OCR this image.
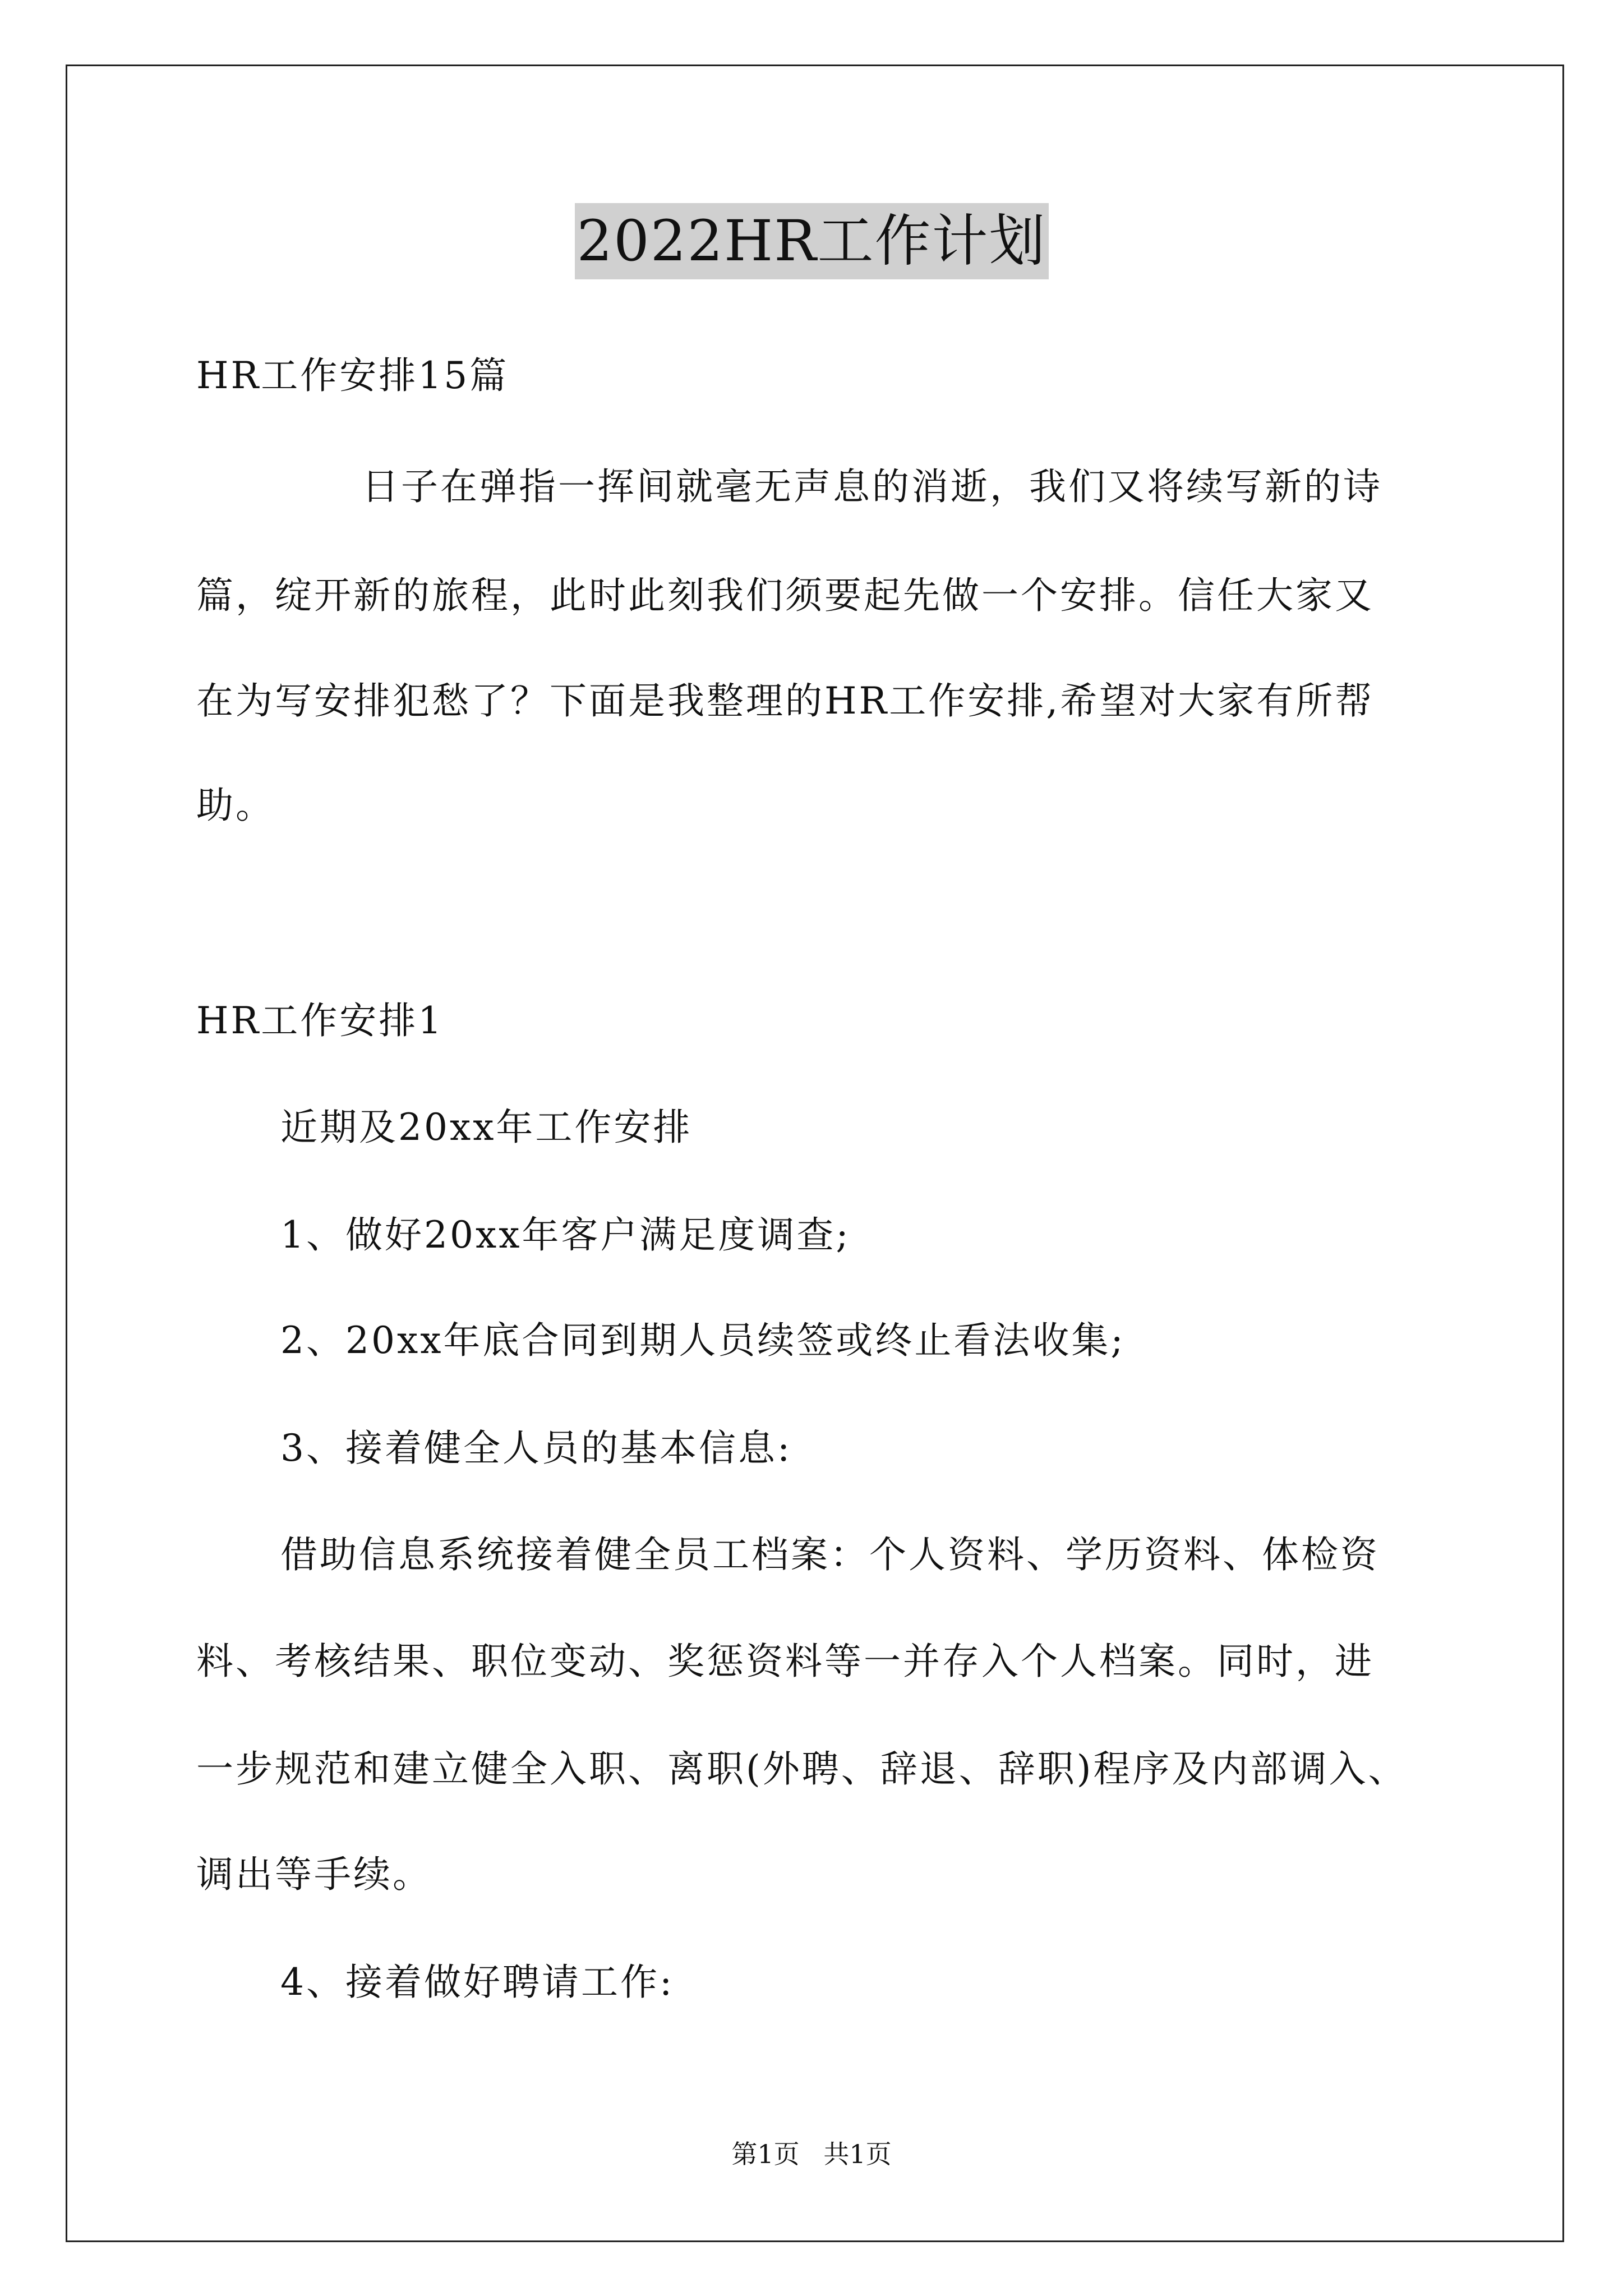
2022HR工作计划
HR工作安排15篇
日子在弹指一挥间就毫无声息的消逝，我们又将续写新的诗
篇，绽开新的旅程，此时此刻我们须要起先做一个安排。信任大家又
在为写安排犯愁了？下面是我整理的HR工作安排,希望对大家有所帮
助。
HR工作安排1
近期及20xx年工作安排
1、做好20xx年客户满足度调查;
2、20xx年底合同到期人员续签或终止看法收集;
3、接着健全人员的基本信息:
借助信息系统接着健全员工档案：个人资料、学历资料、体检资
料、考核结果、职位变动、奖惩资料等一并存入个人档案。同时，进
一步规范和建立健全入职、离职(外聘、辞退、辞职)程序及内部调入、
调出等手续。
4、接着做好聘请工作:
第1页 共1页
